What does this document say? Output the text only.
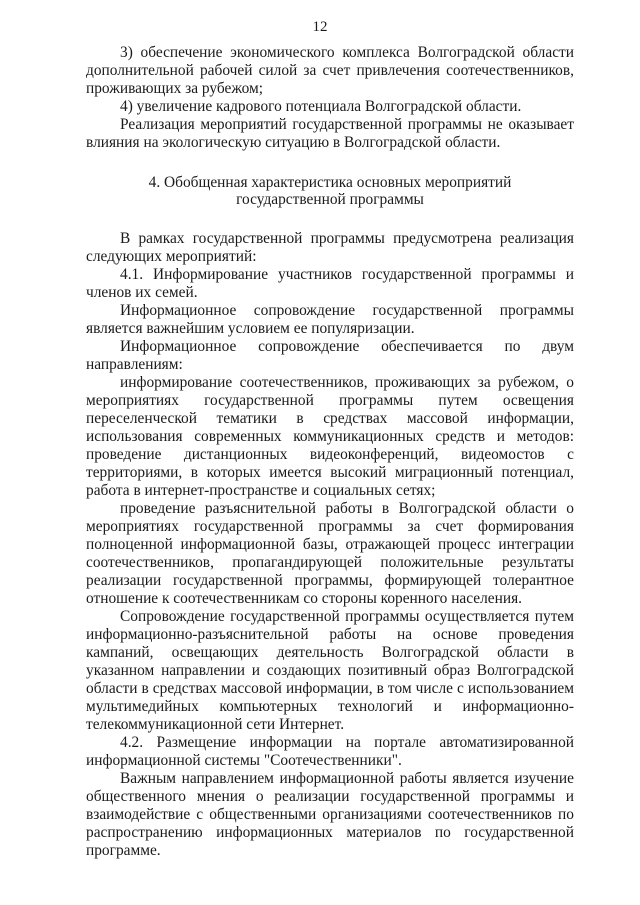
12

3) обеспечение экономического комплекса Волгоградской области дополнительной рабочей силой за счет привлечения соотечественников, проживающих за рубежом;

4) увеличение кадрового потенциала Волгоградской области.

Реализация мероприятий государственной программы не оказывает влияния на экологическую ситуацию в Волгоградской области.

4. Обобщенная характеристика основных мероприятий государственной программы

В рамках государственной программы предусмотрена реализация следующих мероприятий:

4.1. Информирование участников государственной программы и членов их семей.

Информационное сопровождение государственной программы является важнейшим условием ее популяризации.

Информационное сопровождение обеспечивается по двум направлениям:

информирование соотечественников, проживающих за рубежом, о мероприятиях государственной программы путем освещения переселенческой тематики в средствах массовой информации, использования современных коммуникационных средств и методов: проведение дистанционных видеоконференций, видеомостов с территориями, в которых имеется высокий миграционный потенциал, работа в интернет-пространстве и социальных сетях;

проведение разъяснительной работы в Волгоградской области о мероприятиях государственной программы за счет формирования полноценной информационной базы, отражающей процесс интеграции соотечественников, пропагандирующей положительные результаты реализации государственной программы, формирующей толерантное отношение к соотечественникам со стороны коренного населения.

Сопровождение государственной программы осуществляется путем информационно-разъяснительной работы на основе проведения кампаний, освещающих деятельность Волгоградской области в указанном направлении и создающих позитивный образ Волгоградской области в средствах массовой информации, в том числе с использованием мультимедийных компьютерных технологий и информационно-телекоммуникационной сети Интернет.

4.2. Размещение информации на портале автоматизированной информационной системы "Соотечественники".

Важным направлением информационной работы является изучение общественного мнения о реализации государственной программы и взаимодействие с общественными организациями соотечественников по распространению информационных материалов по государственной программе.
